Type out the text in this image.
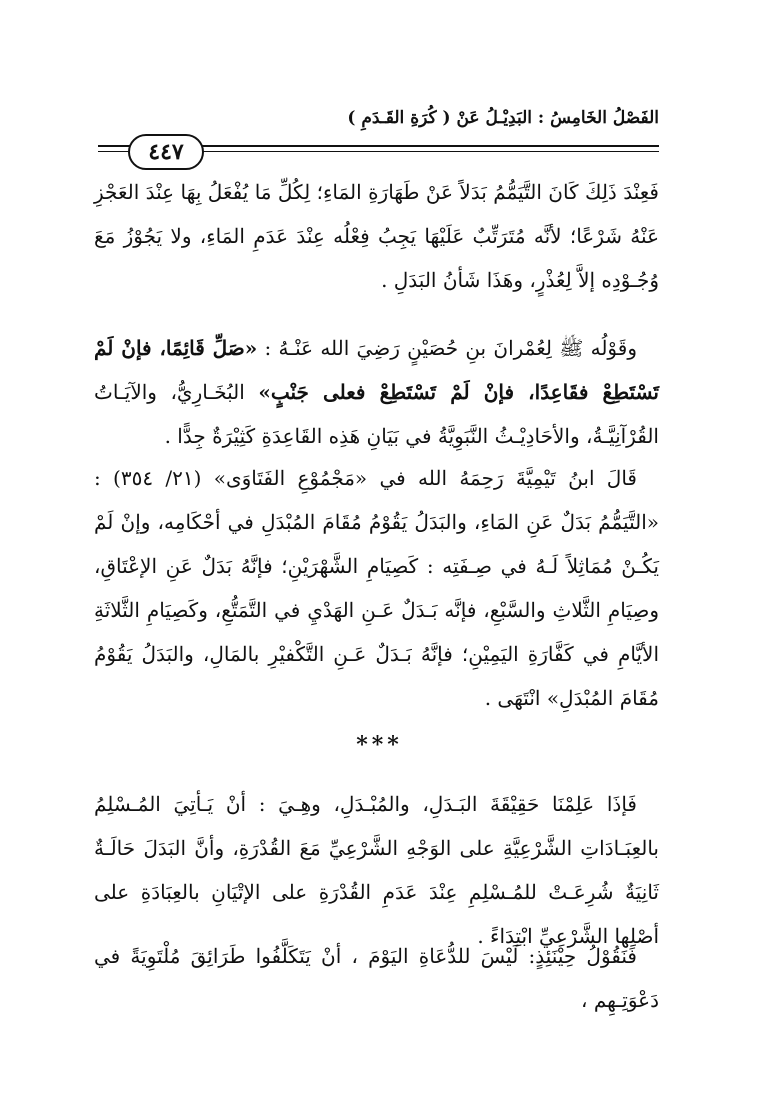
الفَصْلُ الخَامِسُ : البَدِيْـلُ عَنْ ( كُرَةِ القَـدَمِ )
٤٤٧

فَعِنْدَ ذَلِكَ كَانَ التَّيَمُّمُ بَدَلاً عَنْ طَهَارَةِ المَاءِ؛ لِكُلِّ مَا يُفْعَلُ بِهَا عِنْدَ العَجْزِ عَنْهُ شَرْعًا؛ لأنَّه مُتَرَتِّبٌ عَلَيْهَا يَجِبُ فِعْلُه عِنْدَ عَدَمِ المَاءِ، ولا يَجُوْزُ مَعَ وُجُـوْدِه إلاَّ لِعُذْرٍ، وهَذَا شَأنُ البَدَلِ .

وقَوْلُه ﷺ لِعُمْرانَ بنِ حُصَيْنٍ رَضِيَ الله عَنْـهُ : «صَلِّ قَائِمًا، فإنْ لَمْ تَسْتَطِعْ فقَاعِدًا، فإنْ لَمْ تَسْتَطِعْ فعلى جَنْبٍ» البُخَـارِيُّ، والآيَـاتُ القُرْآنِيَّـةُ، والأحَادِيْـثُ النَّبَوِيَّةُ في بَيَانِ هَذِه القَاعِدَةِ كَثِيْرَةٌ جِدًّا .

قَالَ ابنُ تَيْمِيَّةَ رَحِمَهُ الله في «مَجْمُوْعِ الفَتَاوَى» (٢١/ ٣٥٤) : «التَّيَمُّمُ بَدَلٌ عَنِ المَاءِ، والبَدَلُ يَقُوْمُ مُقَامَ المُبْدَلِ في أحْكَامِه، وإنْ لَمْ يَكُـنْ مُمَاثِلاً لَـهُ في صِـفَتِه : كَصِيَامِ الشَّهْرَيْنِ؛ فإنَّهُ بَدَلٌ عَنِ الإعْتَاقِ، وصِيَامِ الثَّلاثِ والسَّبْعِ، فإنَّه بَـدَلٌ عَـنِ الهَدْيِ في التَّمَتُّعِ، وكَصِيَامِ الثَّلاثَةِ الأيَّامِ في كَفَّارَةِ اليَمِيْنِ؛ فإنَّهُ بَـدَلٌ عَـنِ التَّكْفيْرِ بالمَالِ، والبَدَلُ يَقُوْمُ مُقَامَ المُبْدَلِ» انْتَهَى .

***

فَإذَا عَلِمْنَا حَقِيْقَةَ البَـدَلِ، والمُبْـدَلِ، وهِـيَ : أنْ يَـأتِيَ المُـسْلِمُ بالعِبَـادَاتِ الشَّرْعِيَّةِ على الوَجْهِ الشَّرْعِيِّ مَعَ القُدْرَةِ، وأنَّ البَدَلَ حَالَـةٌ ثَانِيَةٌ شُرِعَـتْ للمُـسْلِمِ عِنْدَ عَدَمِ القُدْرَةِ على الإتْيَانِ بالعِبَادَةِ على أصْلِها الشَّرْعِيِّ ابْتِدَاءً .

فَنَقُوْلُ حِيْنَئِذٍ: لَيْسَ للدُّعَاةِ اليَوْمَ ، أنْ يَتَكَلَّفُوا طَرَائِقَ مُلْتَوِيَةً في دَعْوَتِـهِم ،
